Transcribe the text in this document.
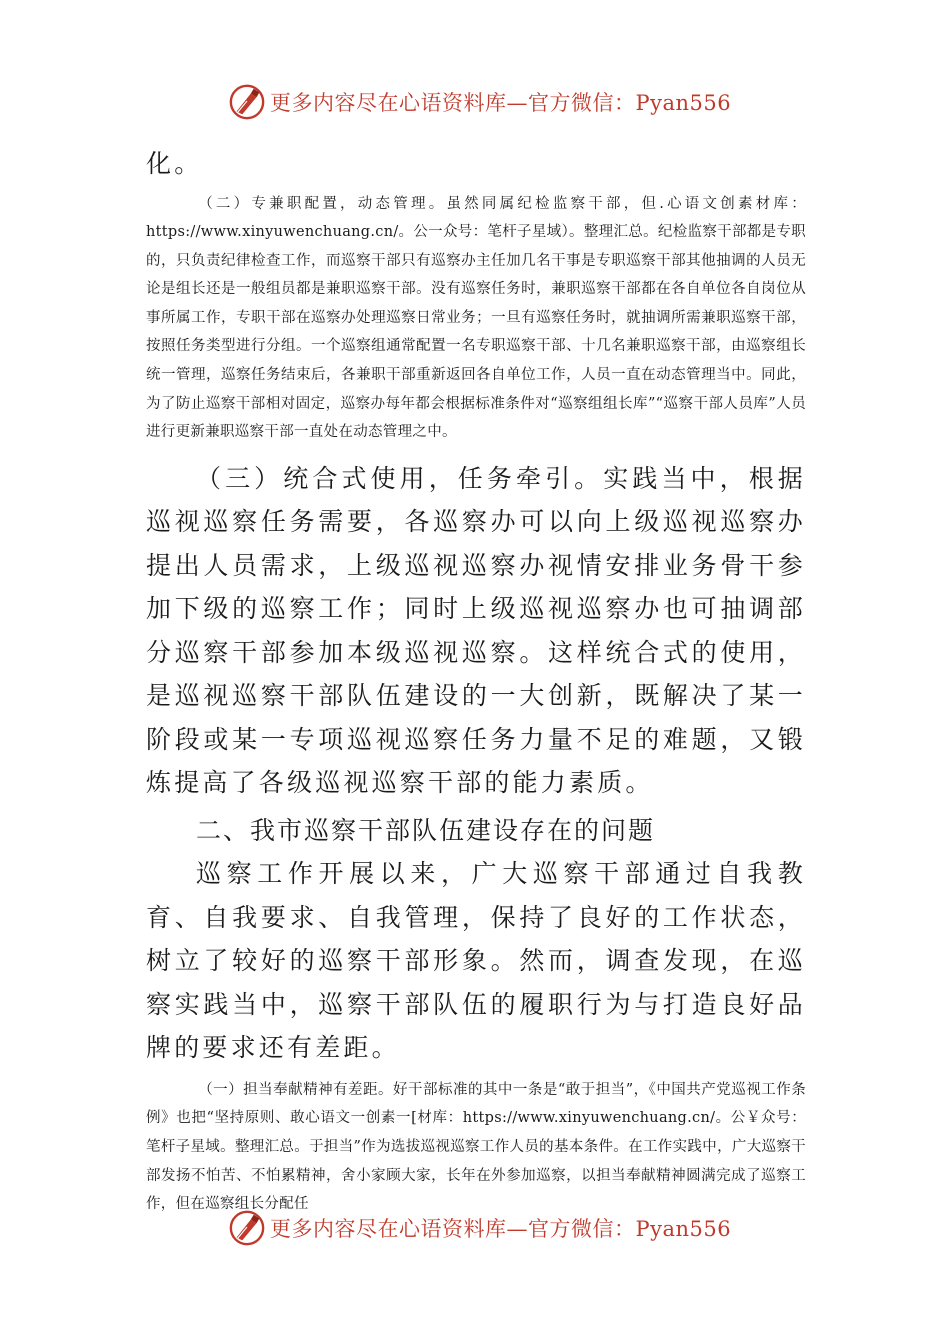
更多内容尽在心语资料库—官方微信：Pyan556

化。

（二）专兼职配置，动态管理。虽然同属纪检监察干部，但.心语文创素材库：https://www.xinyuwenchuang.cn/。公一众号：笔杆子星域）。整理汇总。纪检监察干部都是专职的，只负责纪律检查工作，而巡察干部只有巡察办主任加几名干事是专职巡察干部其他抽调的人员无论是组长还是一般组员都是兼职巡察干部。没有巡察任务时，兼职巡察干部都在各自单位各自岗位从事所属工作，专职干部在巡察办处理巡察日常业务；一旦有巡察任务时，就抽调所需兼职巡察干部，按照任务类型进行分组。一个巡察组通常配置一名专职巡察干部、十几名兼职巡察干部，由巡察组长统一管理，巡察任务结束后，各兼职干部重新返回各自单位工作，人员一直在动态管理当中。同此，为了防止巡察干部相对固定，巡察办每年都会根据标准条件对“巡察组组长库”“巡察干部人员库”人员进行更新兼职巡察干部一直处在动态管理之中。

（三）统合式使用，任务牵引。实践当中，根据巡视巡察任务需要，各巡察办可以向上级巡视巡察办提出人员需求，上级巡视巡察办视情安排业务骨干参加下级的巡察工作；同时上级巡视巡察办也可抽调部分巡察干部参加本级巡视巡察。这样统合式的使用，是巡视巡察干部队伍建设的一大创新，既解决了某一阶段或某一专项巡视巡察任务力量不足的难题，又锻炼提高了各级巡视巡察干部的能力素质。

二、我市巡察干部队伍建设存在的问题

巡察工作开展以来，广大巡察干部通过自我教育、自我要求、自我管理，保持了良好的工作状态，树立了较好的巡察干部形象。然而，调查发现，在巡察实践当中，巡察干部队伍的履职行为与打造良好品牌的要求还有差距。

（一）担当奉献精神有差距。好干部标准的其中一条是“敢于担当”，《中国共产党巡视工作条例》也把“坚持原则、敢心语文一创素一[材库：https://www.xinyuwenchuang.cn/。公￥众号：笔杆子星域。整理汇总。于担当”作为选拔巡视巡察工作人员的基本条件。在工作实践中，广大巡察干部发扬不怕苦、不怕累精神，舍小家顾大家，长年在外参加巡察，以担当奉献精神圆满完成了巡察工作，但在巡察组长分配任

更多内容尽在心语资料库—官方微信：Pyan556
